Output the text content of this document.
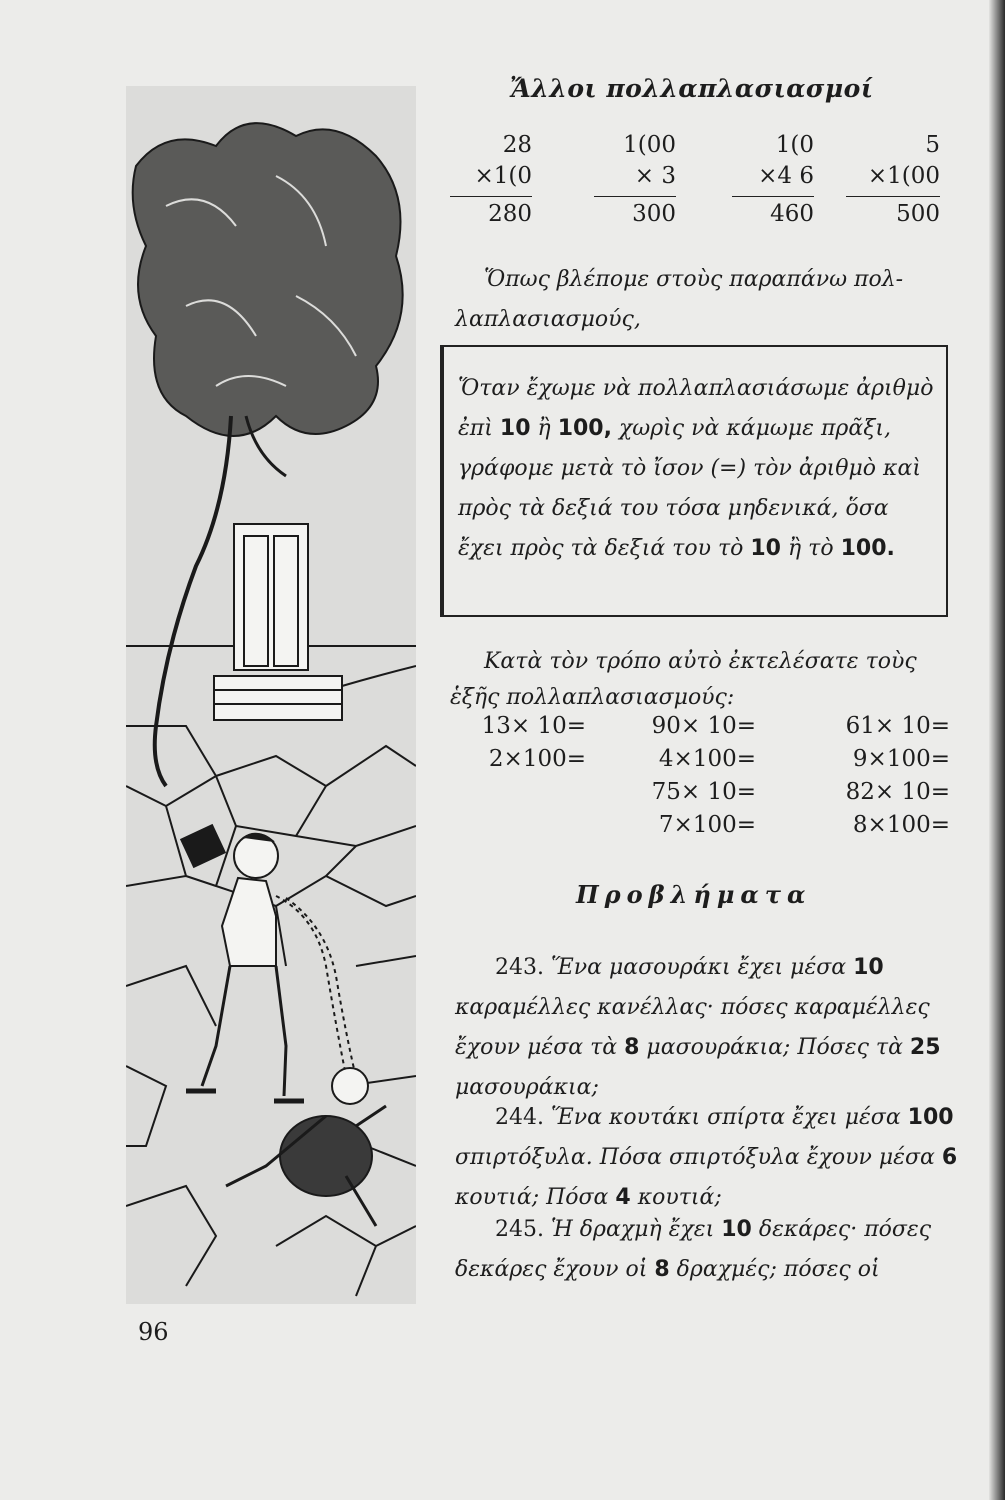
Ἄλλοι πολλαπλασιασμοί
28
×1(0
280
1(00
× 3
300
1(0
×4 6
460
5
×1(00
500
Ὅπως βλέπομε στοὺς παραπάνω πολ-
λαπλασιασμούς,
Ὅταν ἔχωμε νὰ πολλαπλασιάσωμε ἀριθμὸ ἐπὶ 10 ἢ 100, χωρὶς νὰ κάμωμε πρᾶξι, γράφομε μετὰ τὸ ἴσον (=) τὸν ἀριθμὸ καὶ πρὸς τὰ δεξιά του τόσα μηδενικά, ὅσα ἔχει πρὸς τὰ δεξιά του τὸ 10 ἢ τὸ 100.
Κατὰ τὸν τρόπο αὐτὸ ἐκτελέσατε τοὺς
ἑξῆς πολλαπλασιασμούς:
13× 10=
2×100=
90× 10=
4×100=
75× 10=
7×100=
61× 10=
9×100=
82× 10=
8×100=
Προβλήματα
243. Ἕνα μασουράκι ἔχει μέσα 10 καραμέλλες κανέλλας· πόσες καραμέλλες ἔχουν μέσα τὰ 8 μασουράκια; Πόσες τὰ 25 μασουράκια;
244. Ἕνα κουτάκι σπίρτα ἔχει μέσα 100 σπιρτόξυλα. Πόσα σπιρτόξυλα ἔχουν μέσα 6 κουτιά; Πόσα 4 κουτιά;
245. Ἡ δραχμὴ ἔχει 10 δεκάρες· πόσες δεκάρες ἔχουν οἱ 8 δραχμές; πόσες οἱ
96
